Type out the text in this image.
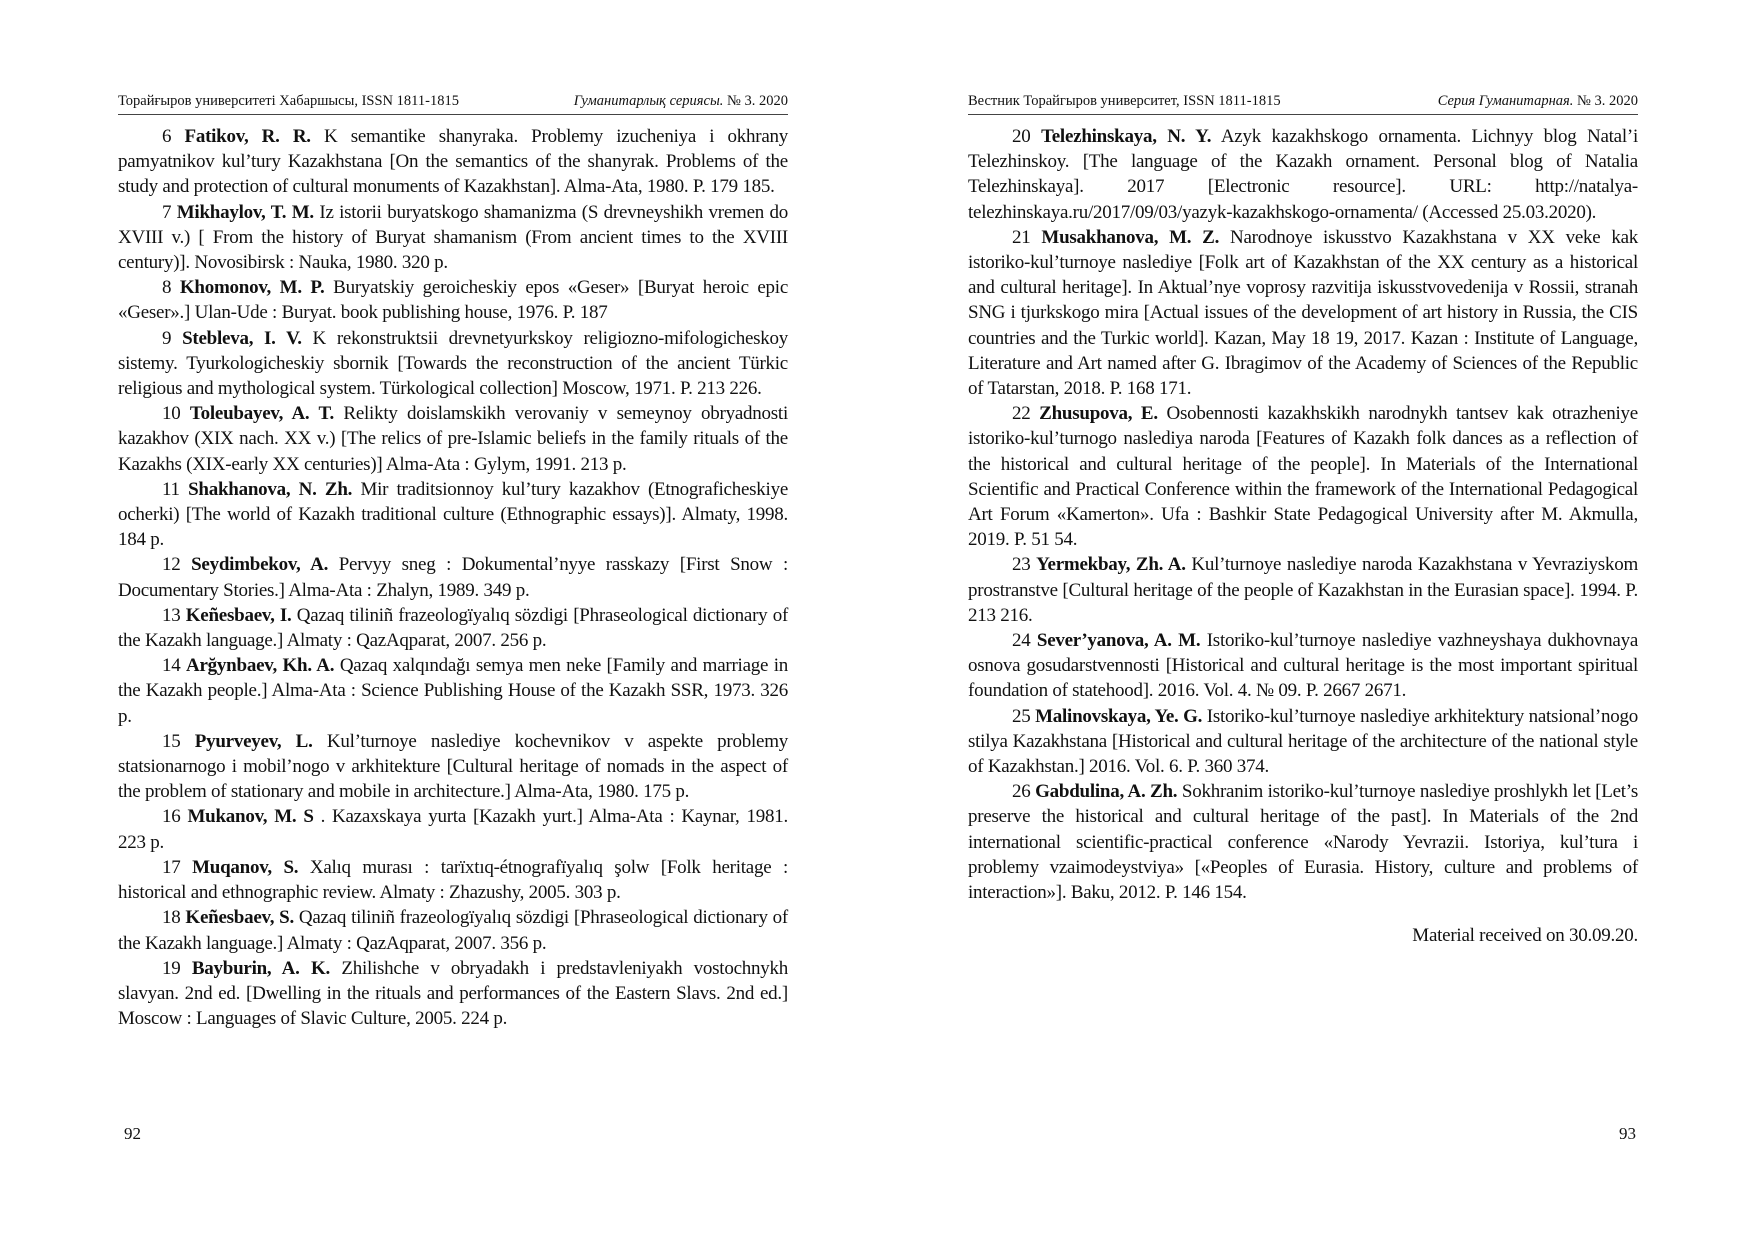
Торайғыров университеті Хабаршысы, ISSN 1811-1815	Гуманитарлық сериясы. № 3. 2020

6 Fatikov, R. R. K semantike shanyraka. Problemy izucheniya i okhrany pamyatnikov kul’tury Kazakhstana [On the semantics of the shanyrak. Problems of the study and protection of cultural monuments of Kazakhstan]. Alma-Ata, 1980. P. 179 185.

7 Mikhaylov, T. M. Iz istorii buryatskogo shamanizma (S drevneyshikh vremen do XVIII v.) [ From the history of Buryat shamanism (From ancient times to the XVIII century)]. Novosibirsk : Nauka, 1980. 320 p.

8 Khomonov, M. P. Buryatskiy geroicheskiy epos «Geser» [Buryat heroic epic «Geser».] Ulan-Ude : Buryat. book publishing house, 1976. P. 187

9 Stebleva, I. V. K rekonstruktsii drevnetyurkskoy religiozno-mifologicheskoy sistemy. Tyurkologicheskiy sbornik [Towards the reconstruction of the ancient Türkic religious and mythological system. Türkological collection] Moscow, 1971. P. 213 226.

10 Toleubayev, A. T. Relikty doislamskikh verovaniy v semeynoy obryadnosti kazakhov (XIX nach. XX v.) [The relics of pre-Islamic beliefs in the family rituals of the Kazakhs (XIX-early XX centuries)] Alma-Ata : Gylym, 1991. 213 p.

11 Shakhanova, N. Zh. Mir traditsionnoy kul’tury kazakhov (Etnograficheskiye ocherki) [The world of Kazakh traditional culture (Ethnographic essays)]. Almaty, 1998. 184 p.

12 Seydimbekov, A. Pervyy sneg : Dokumental’nyye rasskazy [First Snow : Documentary Stories.] Alma-Ata : Zhalyn, 1989. 349 p.

13 Keñesbaev, I. Qazaq tiliniñ frazeologïyalıq sözdigi [Phraseological dictionary of the Kazakh language.] Almaty : QazAqparat, 2007. 256 p.

14 Arğynbaev, Kh. A. Qazaq xalqındağı semya men neke [Family and marriage in the Kazakh people.] Alma-Ata : Science Publishing House of the Kazakh SSR, 1973. 326 p.

15 Pyurveyev, L. Kul’turnoye naslediye kochevnikov v aspekte problemy statsionarnogo i mobil’nogo v arkhitekture [Cultural heritage of nomads in the aspect of the problem of stationary and mobile in architecture.] Alma-Ata, 1980. 175 p.

16 Mukanov, M. S . Kazaxskaya yurta [Kazakh yurt.] Alma-Ata : Kaynar, 1981. 223 p.

17 Muqanov, S. Xalıq murası : tarïxtıq-étnografïyalıq şolw [Folk heritage : historical and ethnographic review. Almaty : Zhazushy, 2005. 303 p.

18 Keñesbaev, S. Qazaq tiliniñ frazeologïyalıq sözdigi [Phraseological dictionary of the Kazakh language.] Almaty : QazAqparat, 2007. 356 p.

19 Bayburin, A. K. Zhilishche v obryadakh i predstavleniyakh vostochnykh slavyan. 2nd ed. [Dwelling in the rituals and performances of the Eastern Slavs. 2nd ed.] Moscow : Languages of Slavic Culture, 2005. 224 p.

92
Вестник Торайгыров университет, ISSN 1811-1815	Серия Гуманитарная. № 3. 2020

20 Telezhinskaya, N. Y. Azyk kazakhskogo ornamenta. Lichnyy blog Natal’i Telezhinskoy. [The language of the Kazakh ornament. Personal blog of Natalia Telezhinskaya]. 2017 [Electronic resource]. URL: http://natalya-telezhinskaya.ru/2017/09/03/yazyk-kazakhskogo-ornamenta/ (Accessed 25.03.2020).

21 Musakhanova, M. Z. Narodnoye iskusstvo Kazakhstana v XX veke kak istoriko-kul’turnoye naslediye [Folk art of Kazakhstan of the XX century as a historical and cultural heritage]. In Aktual’nye voprosy razvitija iskusstvovedenija v Rossii, stranah SNG i tjurkskogo mira [Actual issues of the development of art history in Russia, the CIS countries and the Turkic world]. Kazan, May 18 19, 2017. Kazan : Institute of Language, Literature and Art named after G. Ibragimov of the Academy of Sciences of the Republic of Tatarstan, 2018. P. 168 171.

22 Zhusupova, E. Osobennosti kazakhskikh narodnykh tantsev kak otrazheniye istoriko-kul’turnogo naslediya naroda [Features of Kazakh folk dances as a reflection of the historical and cultural heritage of the people]. In Materials of the International Scientific and Practical Conference within the framework of the International Pedagogical Art Forum «Kamerton». Ufa : Bashkir State Pedagogical University after M. Akmulla, 2019. P. 51 54.

23 Yermekbay, Zh. A. Kul’turnoye naslediye naroda Kazakhstana v Yevraziyskom prostranstve [Cultural heritage of the people of Kazakhstan in the Eurasian space]. 1994. P. 213 216.

24 Sever’yanova, A. M. Istoriko-kul’turnoye naslediye vazhneyshaya dukhovnaya osnova gosudarstvennosti [Historical and cultural heritage is the most important spiritual foundation of statehood]. 2016. Vol. 4. № 09. P. 2667 2671.

25 Malinovskaya, Ye. G. Istoriko-kul’turnoye naslediye arkhitektury natsional’nogo stilya Kazakhstana [Historical and cultural heritage of the architecture of the national style of Kazakhstan.] 2016. Vol. 6. P. 360 374.

26 Gabdulina, A. Zh. Sokhranim istoriko-kul’turnoye naslediye proshlykh let [Let’s preserve the historical and cultural heritage of the past]. In Materials of the 2nd international scientific-practical conference «Narody Yevrazii. Istoriya, kul’tura i problemy vzaimodeystviya» [«Peoples of Eurasia. History, culture and problems of interaction»]. Baku, 2012. P. 146 154.

Material received on 30.09.20.
93
